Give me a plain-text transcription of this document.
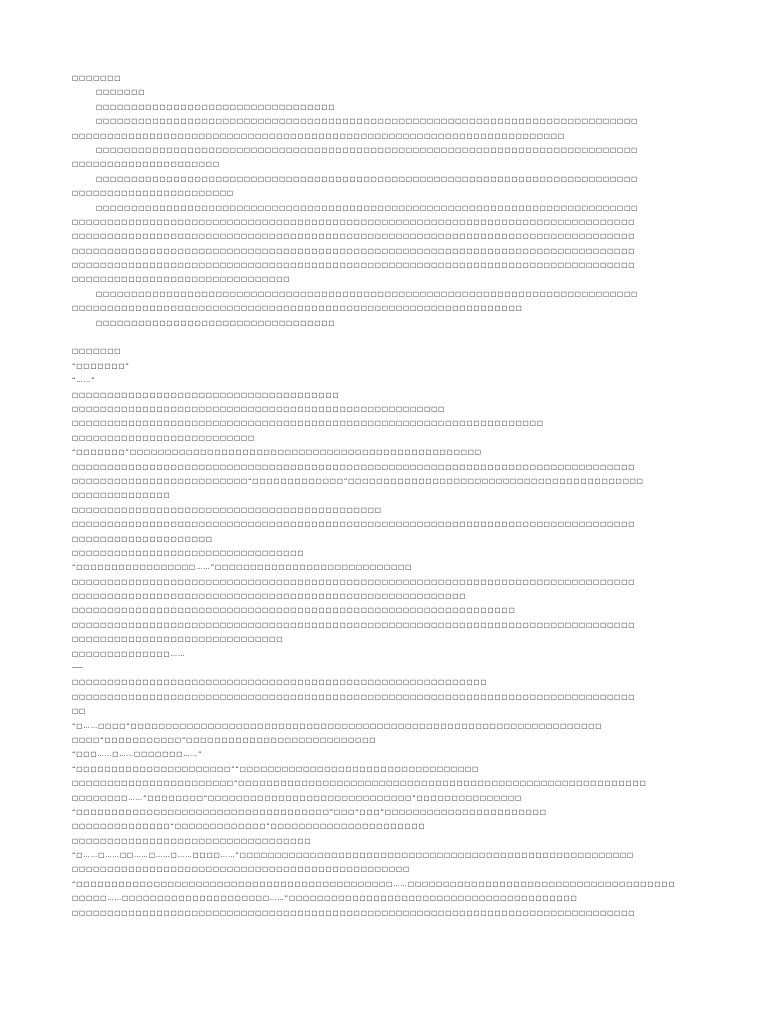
□□□□□□□
□□□□□□□
□□□□□□□□□□□□□□□□□□□□□□□□□□□□□□□□□□
□□□□□□□□□□□□□□□□□□□□□□□□□□□□□□□□□□□□□□□□□□□□□□□□□□□□□□□□□□□□□□□□□□□□□□□□□□□□□
□□□□□□□□□□□□□□□□□□□□□□□□□□□□□□□□□□□□□□□□□□□□□□□□□□□□□□□□□□□□□□□□□□□□□□
□□□□□□□□□□□□□□□□□□□□□□□□□□□□□□□□□□□□□□□□□□□□□□□□□□□□□□□□□□□□□□□□□□□□□□□□□□□□□
□□□□□□□□□□□□□□□□□□□□□
□□□□□□□□□□□□□□□□□□□□□□□□□□□□□□□□□□□□□□□□□□□□□□□□□□□□□□□□□□□□□□□□□□□□□□□□□□□□□
□□□□□□□□□□□□□□□□□□□□□□□
□□□□□□□□□□□□□□□□□□□□□□□□□□□□□□□□□□□□□□□□□□□□□□□□□□□□□□□□□□□□□□□□□□□□□□□□□□□□□
□□□□□□□□□□□□□□□□□□□□□□□□□□□□□□□□□□□□□□□□□□□□□□□□□□□□□□□□□□□□□□□□□□□□□□□□□□□□□□□□
□□□□□□□□□□□□□□□□□□□□□□□□□□□□□□□□□□□□□□□□□□□□□□□□□□□□□□□□□□□□□□□□□□□□□□□□□□□□□□□□
□□□□□□□□□□□□□□□□□□□□□□□□□□□□□□□□□□□□□□□□□□□□□□□□□□□□□□□□□□□□□□□□□□□□□□□□□□□□□□□□
□□□□□□□□□□□□□□□□□□□□□□□□□□□□□□□□□□□□□□□□□□□□□□□□□□□□□□□□□□□□□□□□□□□□□□□□□□□□□□□□
□□□□□□□□□□□□□□□□□□□□□□□□□□□□□□□
□□□□□□□□□□□□□□□□□□□□□□□□□□□□□□□□□□□□□□□□□□□□□□□□□□□□□□□□□□□□□□□□□□□□□□□□□□□□□
□□□□□□□□□□□□□□□□□□□□□□□□□□□□□□□□□□□□□□□□□□□□□□□□□□□□□□□□□□□□□□□□
□□□□□□□□□□□□□□□□□□□□□□□□□□□□□□□□□□
□□□□□□□
“□□□□□□□”
“……”
□□□□□□□□□□□□□□□□□□□□□□□□□□□□□□□□□□□□□□
□□□□□□□□□□□□□□□□□□□□□□□□□□□□□□□□□□□□□□□□□□□□□□□□□□□□□
□□□□□□□□□□□□□□□□□□□□□□□□□□□□□□□□□□□□□□□□□□□□□□□□□□□□□□□□□□□□□□□□□□□
□□□□□□□□□□□□□□□□□□□□□□□□□□
“□□□□□□□”□□□□□□□□□□□□□□□□□□□□□□□□□□□□□□□□□□□□□□□□□□□□□□□□□□
□□□□□□□□□□□□□□□□□□□□□□□□□□□□□□□□□□□□□□□□□□□□□□□□□□□□□□□□□□□□□□□□□□□□□□□□□□□□□□□□
□□□□□□□□□□□□□□□□□□□□□□□□□“□□□□□□□□□□□□□”□□□□□□□□□□□□□□□□□□□□□□□□□□□□□□□□□□□□□□□□□□
□□□□□□□□□□□□□□
□□□□□□□□□□□□□□□□□□□□□□□□□□□□□□□□□□□□□□□□□□□□
□□□□□□□□□□□□□□□□□□□□□□□□□□□□□□□□□□□□□□□□□□□□□□□□□□□□□□□□□□□□□□□□□□□□□□□□□□□□□□□□
□□□□□□□□□□□□□□□□□□□□
□□□□□□□□□□□□□□□□□□□□□□□□□□□□□□□□□
“□□□□□□□□□□□□□□□□□……”□□□□□□□□□□□□□□□□□□□□□□□□□□□□
□□□□□□□□□□□□□□□□□□□□□□□□□□□□□□□□□□□□□□□□□□□□□□□□□□□□□□□□□□□□□□□□□□□□□□□□□□□□□□□□
□□□□□□□□□□□□□□□□□□□□□□□□□□□□□□□□□□□□□□□□□□□□□□□□□□□□□□□□
□□□□□□□□□□□□□□□□□□□□□□□□□□□□□□□□□□□□□□□□□□□□□□□□□□□□□□□□□□□□□□□
□□□□□□□□□□□□□□□□□□□□□□□□□□□□□□□□□□□□□□□□□□□□□□□□□□□□□□□□□□□□□□□□□□□□□□□□□□□□□□□□
□□□□□□□□□□□□□□□□□□□□□□□□□□□□□□
□□□□□□□□□□□□□□……
——
□□□□□□□□□□□□□□□□□□□□□□□□□□□□□□□□□□□□□□□□□□□□□□□□□□□□□□□□□□□
□□□□□□□□□□□□□□□□□□□□□□□□□□□□□□□□□□□□□□□□□□□□□□□□□□□□□□□□□□□□□□□□□□□□□□□□□□□□□□□□
□□
“□……□□□□”□□□□□□□□□□□□□□□□□□□□□□□□□□□□□□□□□□□□□□□□□□□□□□□□□□□□□□□□□□□□□□□□□□□
□□□□“□□□□□□□□□□□”□□□□□□□□□□□□□□□□□□□□□□□□□□□
“□□□……□……□□□□□□□……”
“□□□□□□□□□□□□□□□□□□□□□□”“□□□□□□□□□□□□□□□□□□□□□□□□□□□□□□□□□□
□□□□□□□□□□□□□□□□□□□□□□□“□□□□□□□□□□□□□□□□□□□□□□□□□□□□□□□□□□□□□□□□□□□□□□□□□□□□□□□□□□
□□□□□□□□……”□□□□□□□□“□□□□□□□□□□□□□□□□□□□□□□□□□□□□□”□□□□□□□□□□□□□□□
“□□□□□□□□□□□□□□□□□□□□□□□□□□□□□□□□□□□□”□□□“□□□”□□□□□□□□□□□□□□□□□□□□□□□
□□□□□□□□□□□□□□“□□□□□□□□□□□□□”□□□□□□□□□□□□□□□□□□□□□□
□□□□□□□□□□□□□□□□□□□□□□□□□□□□□□□□□□
“□……□……□□……□……□……□□□□……”□□□□□□□□□□□□□□□□□□□□□□□□□□□□□□□□□□□□□□□□□□□□□□□□□□□□□□□□
□□□□□□□□□□□□□□□□□□□□□□□□□□□□□□□□□□□□□□□□□□□□□□□□
“□□□□□□□□□□□□□□□□□□□□□□□□□□□□□□□□□□□□□□□□□□□□□……□□□□□□□□□□□□□□□□□□□□□□□□□□□□□□□□□□□□□□
□□□□□……□□□□□□□□□□□□□□□□□□□□□……”□□□□□□□□□□□□□□□□□□□□□□□□□□□□□□□□□□□□□□□□□
□□□□□□□□□□□□□□□□□□□□□□□□□□□□□□□□□□□□□□□□□□□□□□□□□□□□□□□□□□□□□□□□□□□□□□□□□□□□□□□□
